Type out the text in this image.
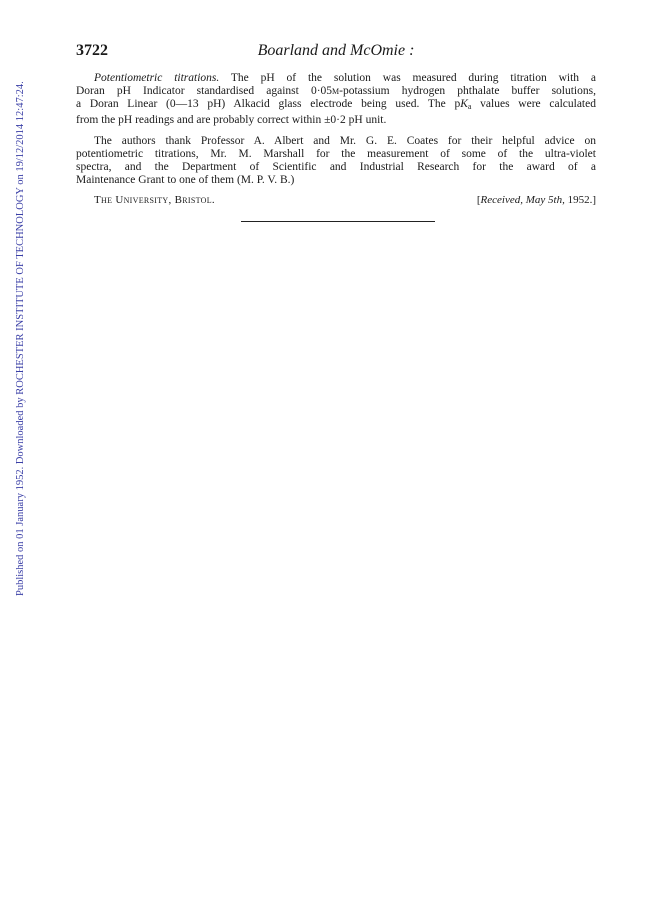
Published on 01 January 1952. Downloaded by ROCHESTER INSTITUTE OF TECHNOLOGY on 19/12/2014 12:47:24.
3722	Boarland and McOmie :

Potentiometric titrations. The pH of the solution was measured during titration with a
Doran pH Indicator standardised against 0·05m-potassium hydrogen phthalate buffer solutions,
a Doran Linear (0—13 pH) Alkacid glass electrode being used. The $pK_a$ values were calculated
from the pH readings and are probably correct within ±0·2 pH unit.

The authors thank Professor A. Albert and Mr. G. E. Coates for their helpful advice on
potentiometric titrations, Mr. M. Marshall for the measurement of some of the ultra-violet
spectra, and the Department of Scientific and Industrial Research for the award of a
Maintenance Grant to one of them (M. P. V. B.)

The University, Bristol.	[Received, May 5th, 1952.]
